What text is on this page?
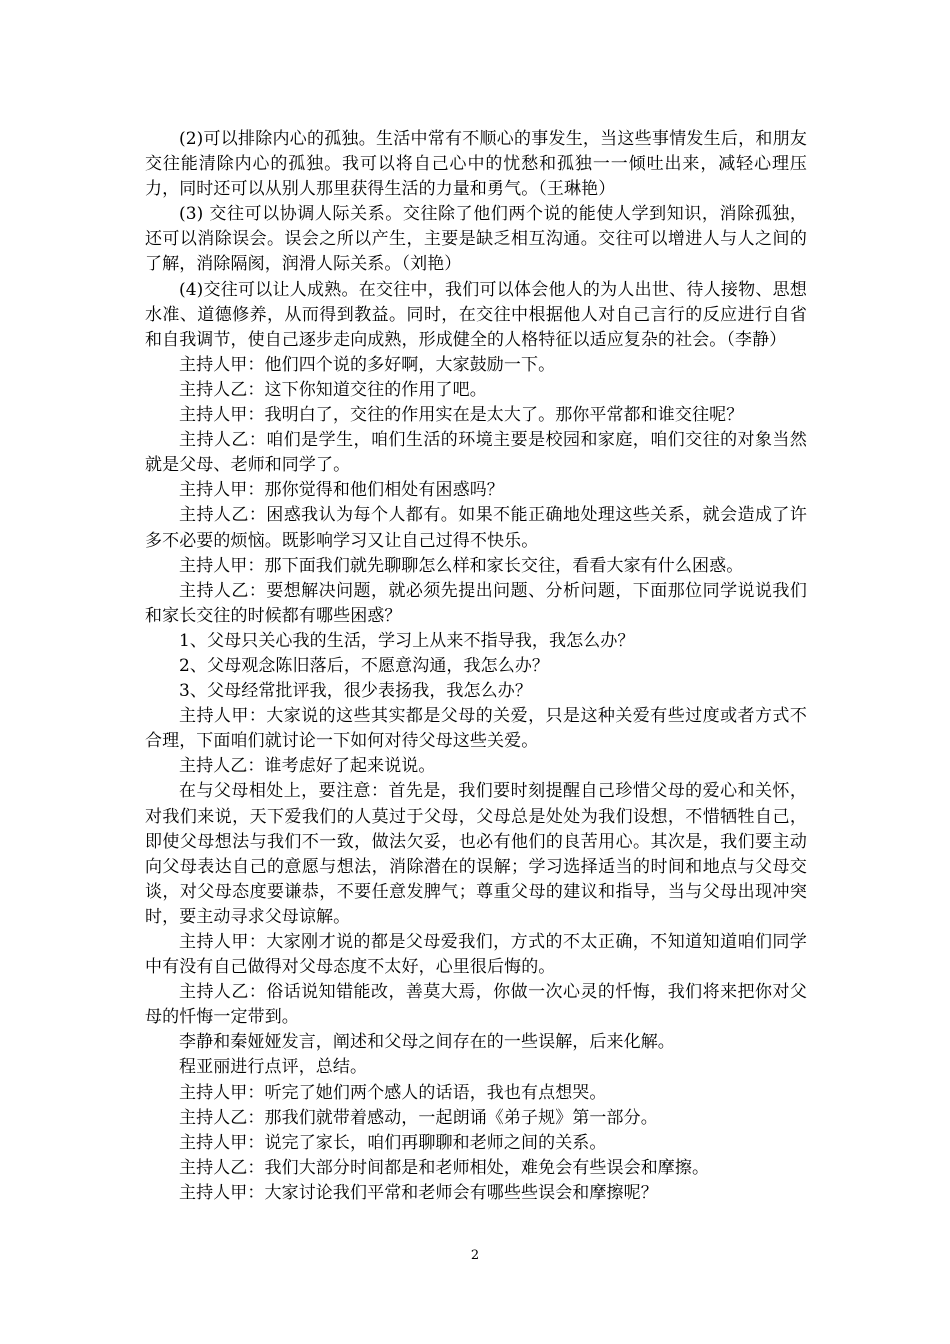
(2)可以排除内心的孤独。生活中常有不顺心的事发生，当这些事情发生后，和朋友交往能清除内心的孤独。我可以将自己心中的忧愁和孤独一一倾吐出来，减轻心理压力，同时还可以从别人那里获得生活的力量和勇气。（王琳艳）

(3) 交往可以协调人际关系。交往除了他们两个说的能使人学到知识，消除孤独，还可以消除误会。误会之所以产生，主要是缺乏相互沟通。交往可以增进人与人之间的了解，消除隔阂，润滑人际关系。（刘艳）

(4)交往可以让人成熟。在交往中，我们可以体会他人的为人出世、待人接物、思想水准、道德修养，从而得到教益。同时，在交往中根据他人对自己言行的反应进行自省和自我调节，使自己逐步走向成熟，形成健全的人格特征以适应复杂的社会。（李静）

主持人甲：他们四个说的多好啊，大家鼓励一下。

主持人乙：这下你知道交往的作用了吧。

主持人甲：我明白了，交往的作用实在是太大了。那你平常都和谁交往呢？

主持人乙：咱们是学生，咱们生活的环境主要是校园和家庭，咱们交往的对象当然就是父母、老师和同学了。

主持人甲：那你觉得和他们相处有困惑吗？

主持人乙：困惑我认为每个人都有。如果不能正确地处理这些关系，就会造成了许多不必要的烦恼。既影响学习又让自己过得不快乐。

主持人甲：那下面我们就先聊聊怎么样和家长交往，看看大家有什么困惑。

主持人乙：要想解决问题，就必须先提出问题、分析问题，下面那位同学说说我们和家长交往的时候都有哪些困惑？

1、父母只关心我的生活，学习上从来不指导我，我怎么办？

2、父母观念陈旧落后，不愿意沟通，我怎么办？

3、父母经常批评我，很少表扬我，我怎么办？

主持人甲：大家说的这些其实都是父母的关爱，只是这种关爱有些过度或者方式不合理，下面咱们就讨论一下如何对待父母这些关爱。

主持人乙：谁考虑好了起来说说。

在与父母相处上，要注意：首先是，我们要时刻提醒自己珍惜父母的爱心和关怀，对我们来说，天下爱我们的人莫过于父母，父母总是处处为我们设想，不惜牺牲自己，即使父母想法与我们不一致，做法欠妥，也必有他们的良苦用心。其次是，我们要主动向父母表达自己的意愿与想法，消除潜在的误解；学习选择适当的时间和地点与父母交谈，对父母态度要谦恭，不要任意发脾气；尊重父母的建议和指导，当与父母出现冲突时，要主动寻求父母谅解。

主持人甲：大家刚才说的都是父母爱我们，方式的不太正确，不知道知道咱们同学中有没有自己做得对父母态度不太好，心里很后悔的。

主持人乙：俗话说知错能改，善莫大焉，你做一次心灵的忏悔，我们将来把你对父母的忏悔一定带到。

李静和秦娅娅发言，阐述和父母之间存在的一些误解，后来化解。

程亚丽进行点评，总结。

主持人甲：听完了她们两个感人的话语，我也有点想哭。

主持人乙：那我们就带着感动，一起朗诵《弟子规》第一部分。

主持人甲：说完了家长，咱们再聊聊和老师之间的关系。

主持人乙：我们大部分时间都是和老师相处，难免会有些误会和摩擦。

主持人甲：大家讨论我们平常和老师会有哪些些误会和摩擦呢？

2
